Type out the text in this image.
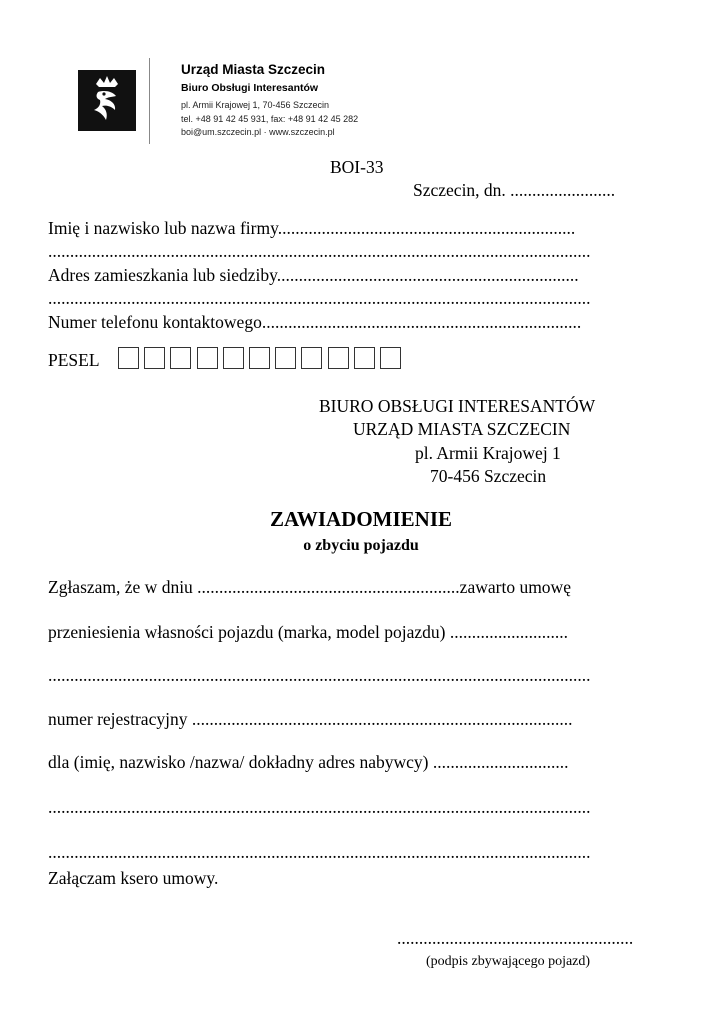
Urząd Miasta Szczecin
Biuro Obsługi Interesantów
pl. Armii Krajowej 1, 70-456 Szczecin
tel. +48 91 42 45 931, fax: +48 91 42 45 282
boi@um.szczecin.pl · www.szczecin.pl
BOI-33
Szczecin, dn. ........................
Imię i nazwisko lub nazwa firmy....................................................................
............................................................................................................................
Adres zamieszkania lub siedziby.....................................................................
............................................................................................................................
Numer telefonu kontaktowego.........................................................................
PESEL
BIURO OBSŁUGI INTERESANTÓW
URZĄD MIASTA SZCZECIN
pl. Armii Krajowej 1
70-456 Szczecin
ZAWIADOMIENIE
o zbyciu pojazdu
Zgłaszam, że w dniu ............................................................zawarto umowę
przeniesienia własności pojazdu (marka, model pojazdu) ...........................
............................................................................................................................
numer rejestracyjny .......................................................................................
dla (imię, nazwisko /nazwa/ dokładny adres nabywcy) ...............................
............................................................................................................................
............................................................................................................................
Załączam ksero umowy.
......................................................
(podpis zbywającego pojazd)
